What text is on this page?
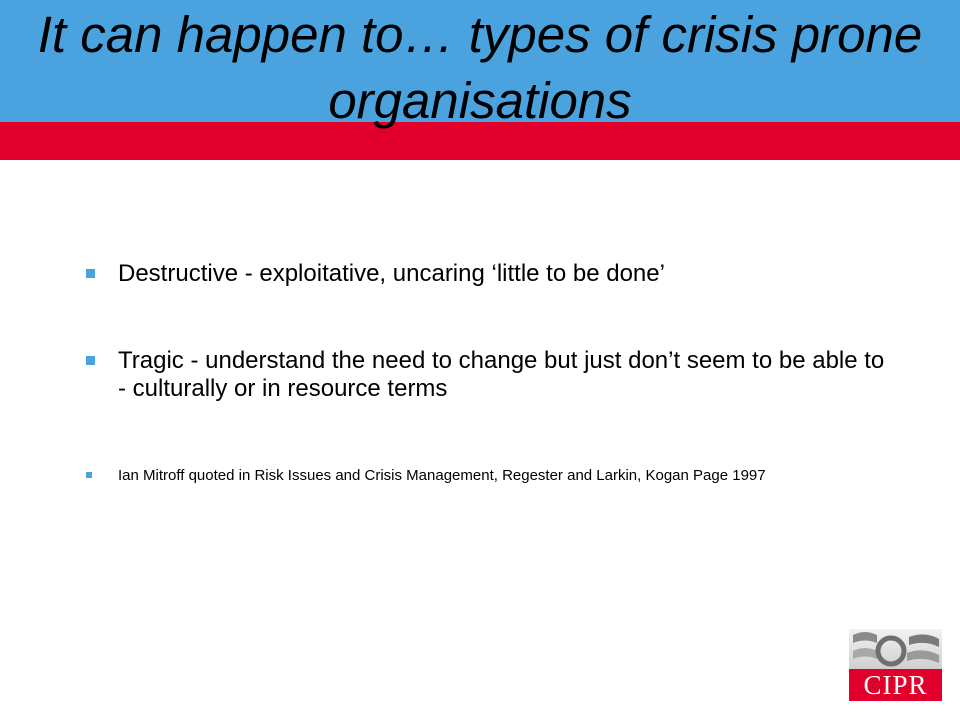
It can happen to… types of crisis prone organisations
Destructive - exploitative, uncaring ‘little to be done’
Tragic - understand the need to change but just don’t seem to be able to - culturally or in resource terms
Ian Mitroff quoted in Risk Issues and Crisis Management, Regester and Larkin, Kogan Page 1997
CIPR
